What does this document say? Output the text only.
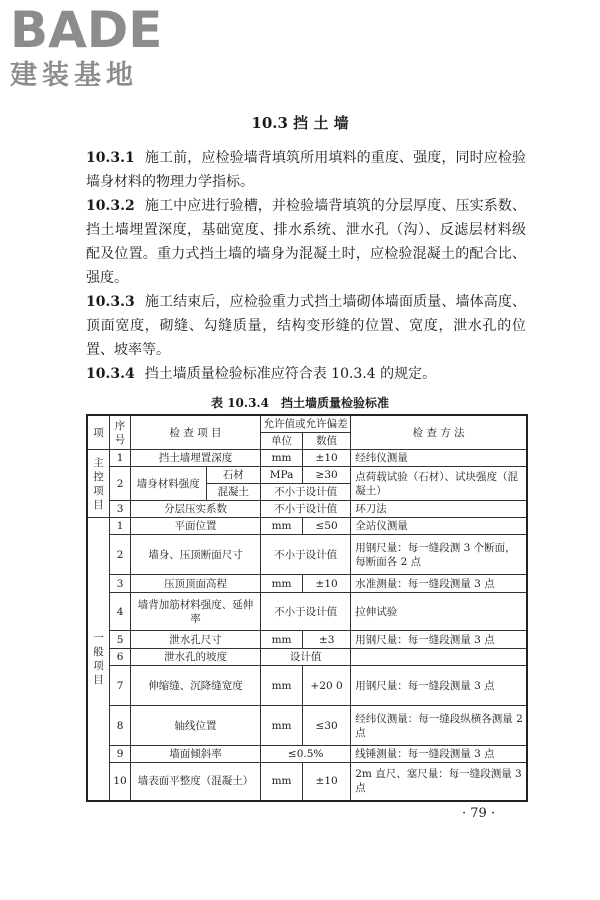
BADE
建装基地
10.3 挡 土 墙
10.3.1 施工前，应检验墙背填筑所用填料的重度、强度，同时应检验墙身材料的物理力学指标。
10.3.2 施工中应进行验槽，并检验墙背填筑的分层厚度、压实系数、挡土墙埋置深度，基础宽度、排水系统、泄水孔（沟）、反滤层材料级配及位置。重力式挡土墙的墙身为混凝土时，应检验混凝土的配合比、强度。
10.3.3 施工结束后，应检验重力式挡土墙砌体墙面质量、墙体高度、顶面宽度，砌缝、勾缝质量，结构变形缝的位置、宽度，泄水孔的位置、坡率等。
10.3.4 挡土墙质量检验标准应符合表 10.3.4 的规定。
表 10.3.4　挡土墙质量检验标准
项	序号	检 查 项 目		允许值或允许偏差		检 查 方 法
				单位	数值	
主控项目	1	挡土墙埋置深度		mm	±10	经纬仪测量
	2	墙身材料强度	石材	MPa	≥30	点荷载试验（石材）、试块强度（混凝土）
			混凝土	不小于设计值		
	3	分层压实系数		不小于设计值		环刀法
一般项目	1	平面位置		mm	≤50	全站仪测量
	2	墙身、压顶断面尺寸		不小于设计值		用钢尺量：每一缝段测 3 个断面，每断面各 2 点
	3	压顶顶面高程		mm	±10	水准测量：每一缝段测量 3 点
	4	墙背加筋材料强度、延伸率		不小于设计值		拉伸试验
	5	泄水孔尺寸		mm	±3	用钢尺量：每一缝段测量 3 点
	6	泄水孔的坡度		设计值		
	7	伸缩缝、沉降缝宽度		mm	+20 0	用钢尺量：每一缝段测量 3 点
	8	轴线位置		mm	≤30	经纬仪测量：每一缝段纵横各测量 2 点
	9	墙面倾斜率		≤0.5%		线锤测量：每一缝段测量 3 点
	10	墙表面平整度（混凝土）		mm	±10	2m 直尺、塞尺量：每一缝段测量 3 点
· 79 ·
